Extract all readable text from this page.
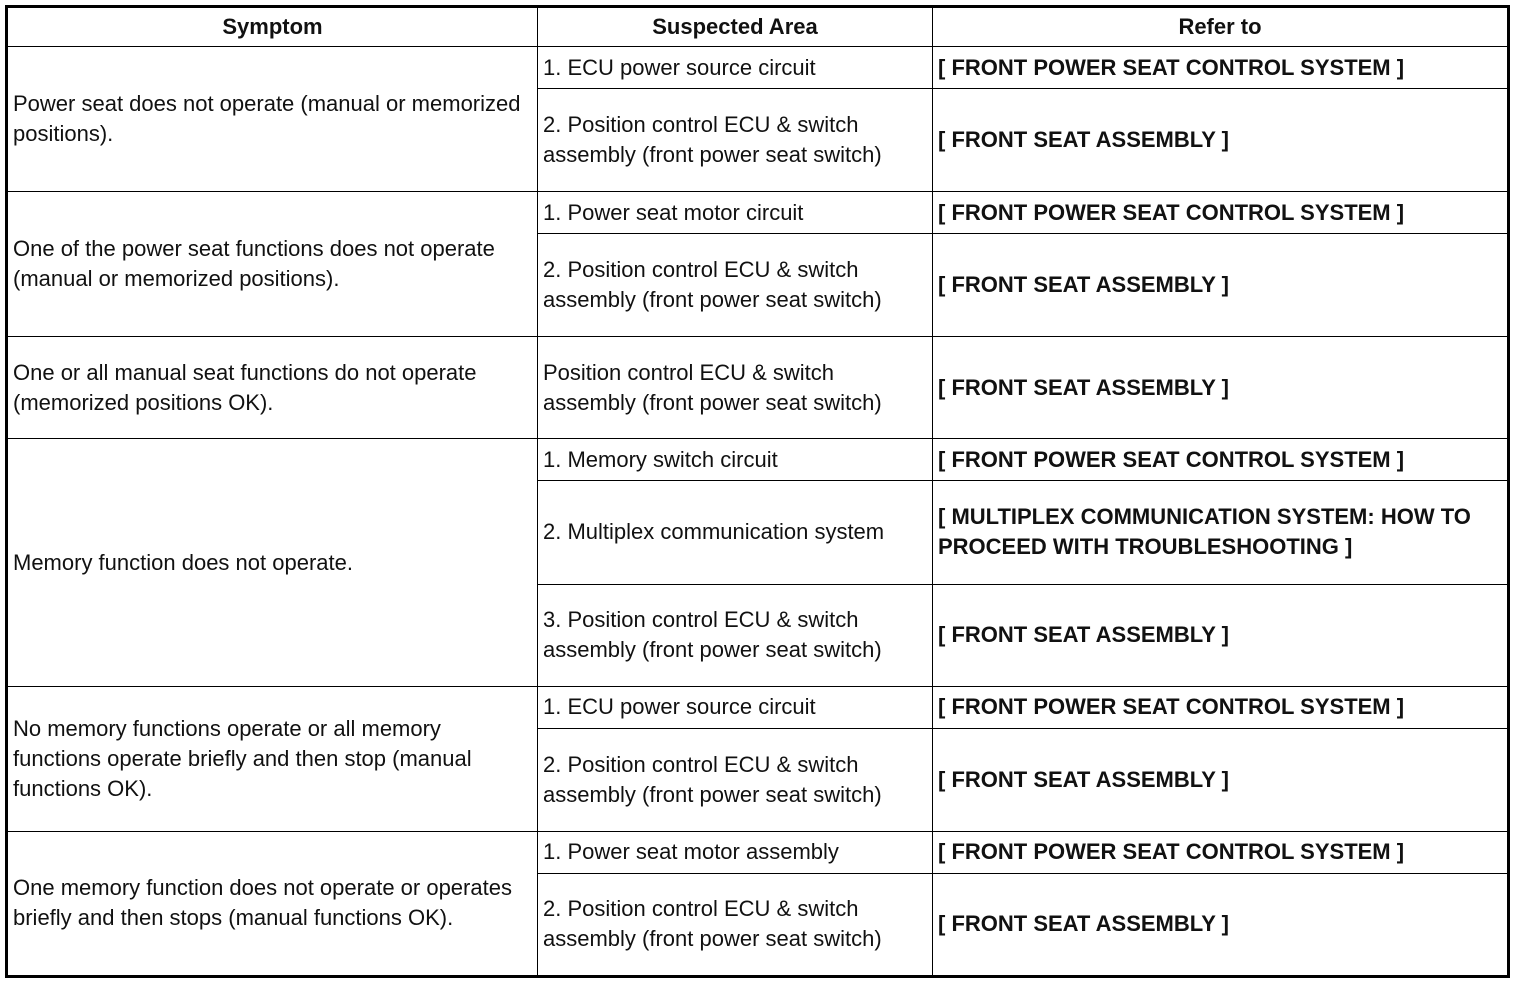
Symptom	Suspected Area	Refer to
Power seat does not operate (manual or memorized positions).	1. ECU power source circuit	[ FRONT POWER SEAT CONTROL SYSTEM ]
	2. Position control ECU & switch assembly (front power seat switch)	[ FRONT SEAT ASSEMBLY ]
One of the power seat functions does not operate (manual or memorized positions).	1. Power seat motor circuit	[ FRONT POWER SEAT CONTROL SYSTEM ]
	2. Position control ECU & switch assembly (front power seat switch)	[ FRONT SEAT ASSEMBLY ]
One or all manual seat functions do not operate (memorized positions OK).	Position control ECU & switch assembly (front power seat switch)	[ FRONT SEAT ASSEMBLY ]
Memory function does not operate.	1. Memory switch circuit	[ FRONT POWER SEAT CONTROL SYSTEM ]
	2. Multiplex communication system	[ MULTIPLEX COMMUNICATION SYSTEM: HOW TO PROCEED WITH TROUBLESHOOTING ]
	3. Position control ECU & switch assembly (front power seat switch)	[ FRONT SEAT ASSEMBLY ]
No memory functions operate or all memory functions operate briefly and then stop (manual functions OK).	1. ECU power source circuit	[ FRONT POWER SEAT CONTROL SYSTEM ]
	2. Position control ECU & switch assembly (front power seat switch)	[ FRONT SEAT ASSEMBLY ]
One memory function does not operate or operates briefly and then stops (manual functions OK).	1. Power seat motor assembly	[ FRONT POWER SEAT CONTROL SYSTEM ]
	2. Position control ECU & switch assembly (front power seat switch)	[ FRONT SEAT ASSEMBLY ]
